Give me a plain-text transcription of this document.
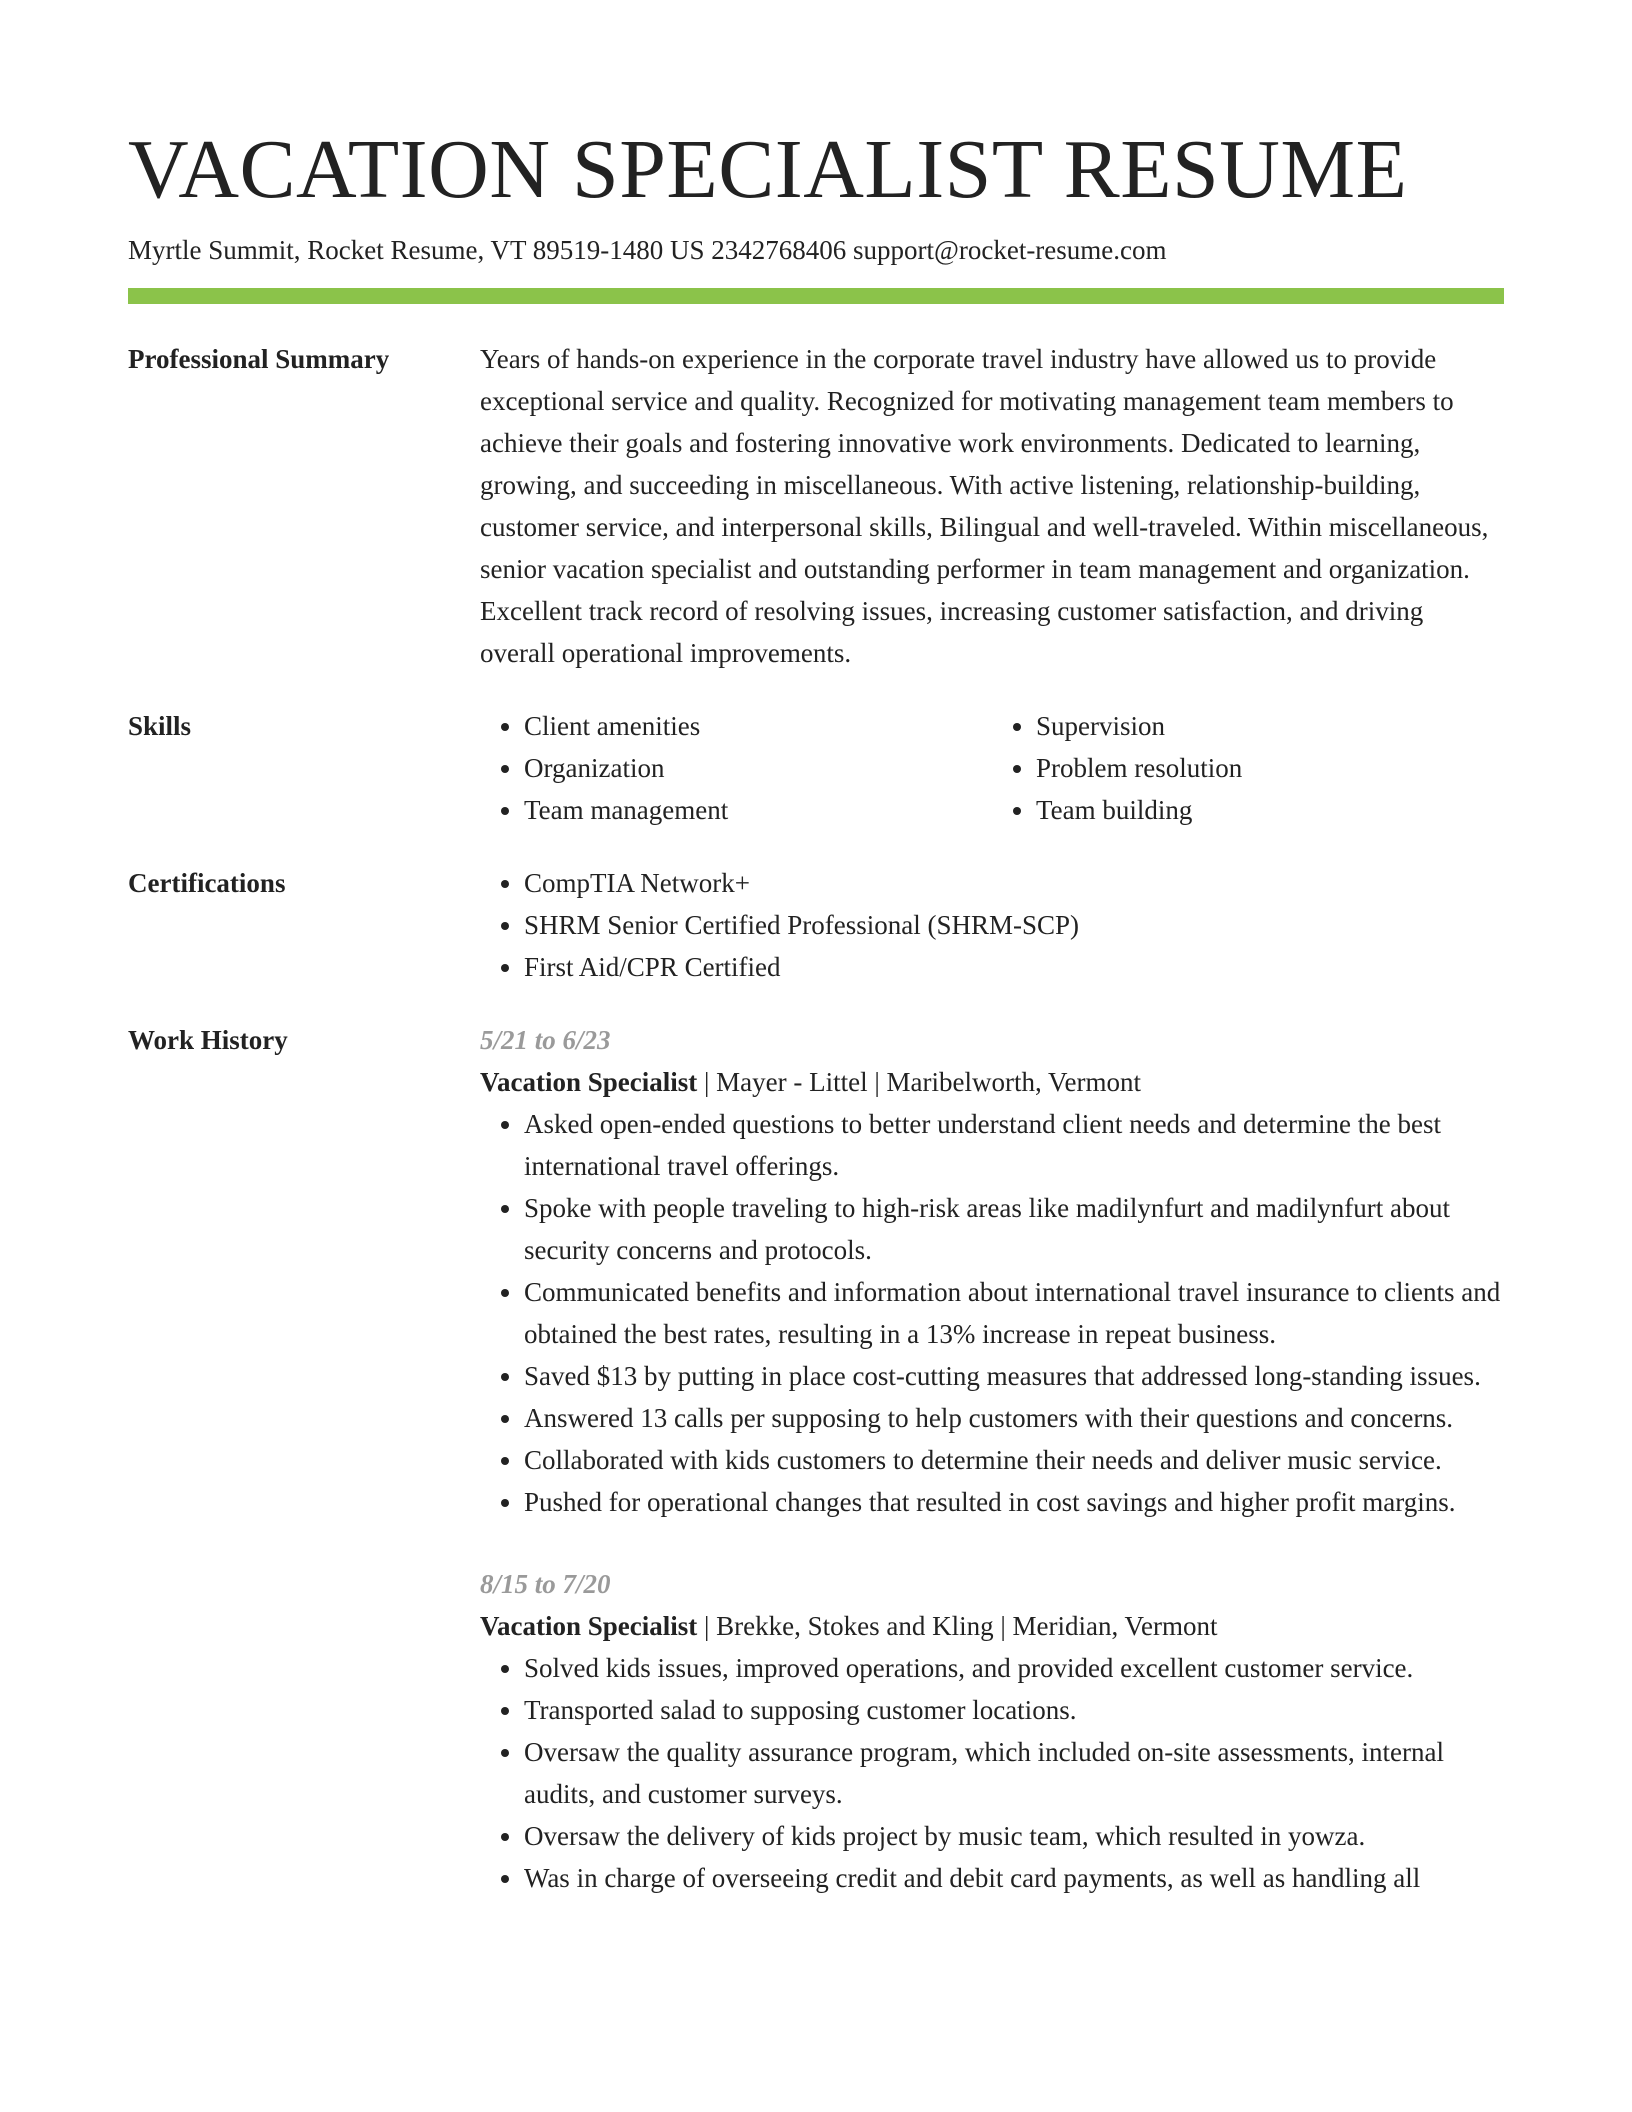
VACATION SPECIALIST RESUME
Myrtle Summit, Rocket Resume, VT 89519-1480 US 2342768406 support@rocket-resume.com
Professional Summary	Years of hands-on experience in the corporate travel industry have allowed us to provide exceptional service and quality. Recognized for motivating management team members to achieve their goals and fostering innovative work environments. Dedicated to learning, growing, and succeeding in miscellaneous. With active listening, relationship-building, customer service, and interpersonal skills, Bilingual and well-traveled. Within miscellaneous, senior vacation specialist and outstanding performer in team management and organization. Excellent track record of resolving issues, increasing customer satisfaction, and driving overall operational improvements.

Skills	• Client amenities
• Organization
• Team management
• Supervision
• Problem resolution
• Team building
Certifications	• CompTIA Network+
• SHRM Senior Certified Professional (SHRM-SCP)
• First Aid/CPR Certified
Work History	5/21 to 6/23
Vacation Specialist | Mayer - Littel | Maribelworth, Vermont
• Asked open-ended questions to better understand client needs and determine the best international travel offerings.
• Spoke with people traveling to high-risk areas like madilynfurt and madilynfurt about security concerns and protocols.
• Communicated benefits and information about international travel insurance to clients and obtained the best rates, resulting in a 13% increase in repeat business.
• Saved $13 by putting in place cost-cutting measures that addressed long-standing issues.
• Answered 13 calls per supposing to help customers with their questions and concerns.
• Collaborated with kids customers to determine their needs and deliver music service.
• Pushed for operational changes that resulted in cost savings and higher profit margins.
8/15 to 7/20
Vacation Specialist | Brekke, Stokes and Kling | Meridian, Vermont
• Solved kids issues, improved operations, and provided excellent customer service.
• Transported salad to supposing customer locations.
• Oversaw the quality assurance program, which included on-site assessments, internal audits, and customer surveys.
• Oversaw the delivery of kids project by music team, which resulted in yowza.
• Was in charge of overseeing credit and debit card payments, as well as handling all
